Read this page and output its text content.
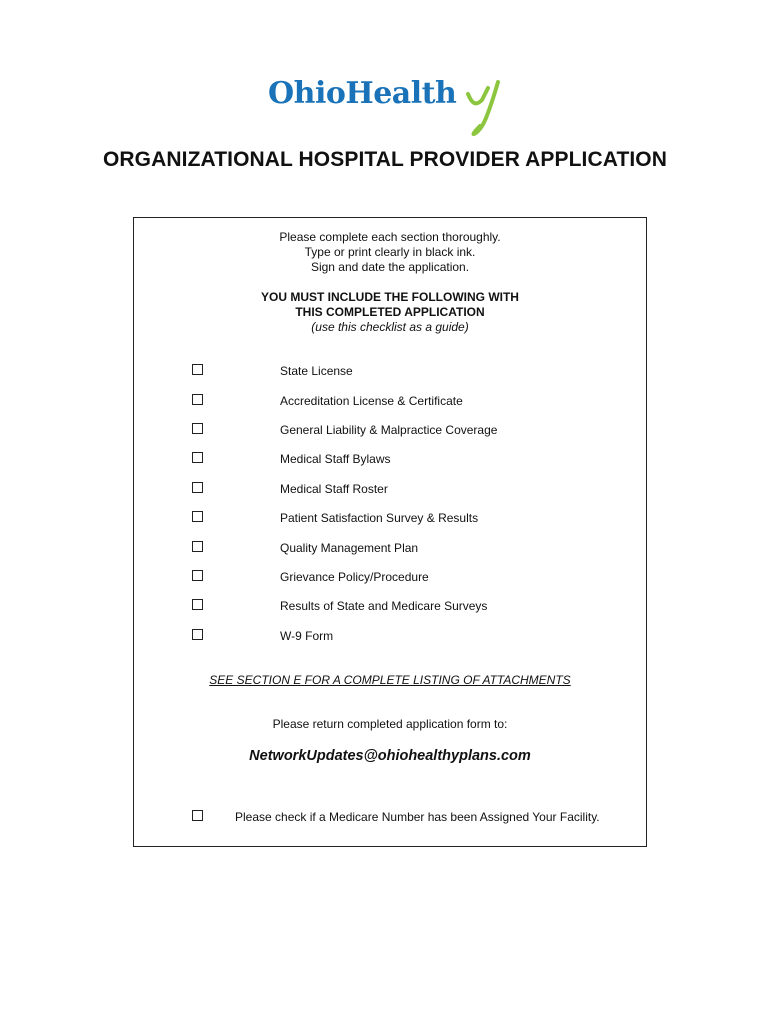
OhioHealth
ORGANIZATIONAL HOSPITAL PROVIDER APPLICATION
Please complete each section thoroughly.
Type or print clearly in black ink.
Sign and date the application.
YOU MUST INCLUDE THE FOLLOWING WITH
THIS COMPLETED APPLICATION
(use this checklist as a guide)
State License
Accreditation License & Certificate
General Liability & Malpractice Coverage
Medical Staff Bylaws
Medical Staff Roster
Patient Satisfaction Survey & Results
Quality Management Plan
Grievance Policy/Procedure
Results of State and Medicare Surveys
W-9 Form
SEE SECTION E FOR A COMPLETE LISTING OF ATTACHMENTS
Please return completed application form to:
NetworkUpdates@ohiohealthyplans.com
Please check if a Medicare Number has been Assigned Your Facility.
